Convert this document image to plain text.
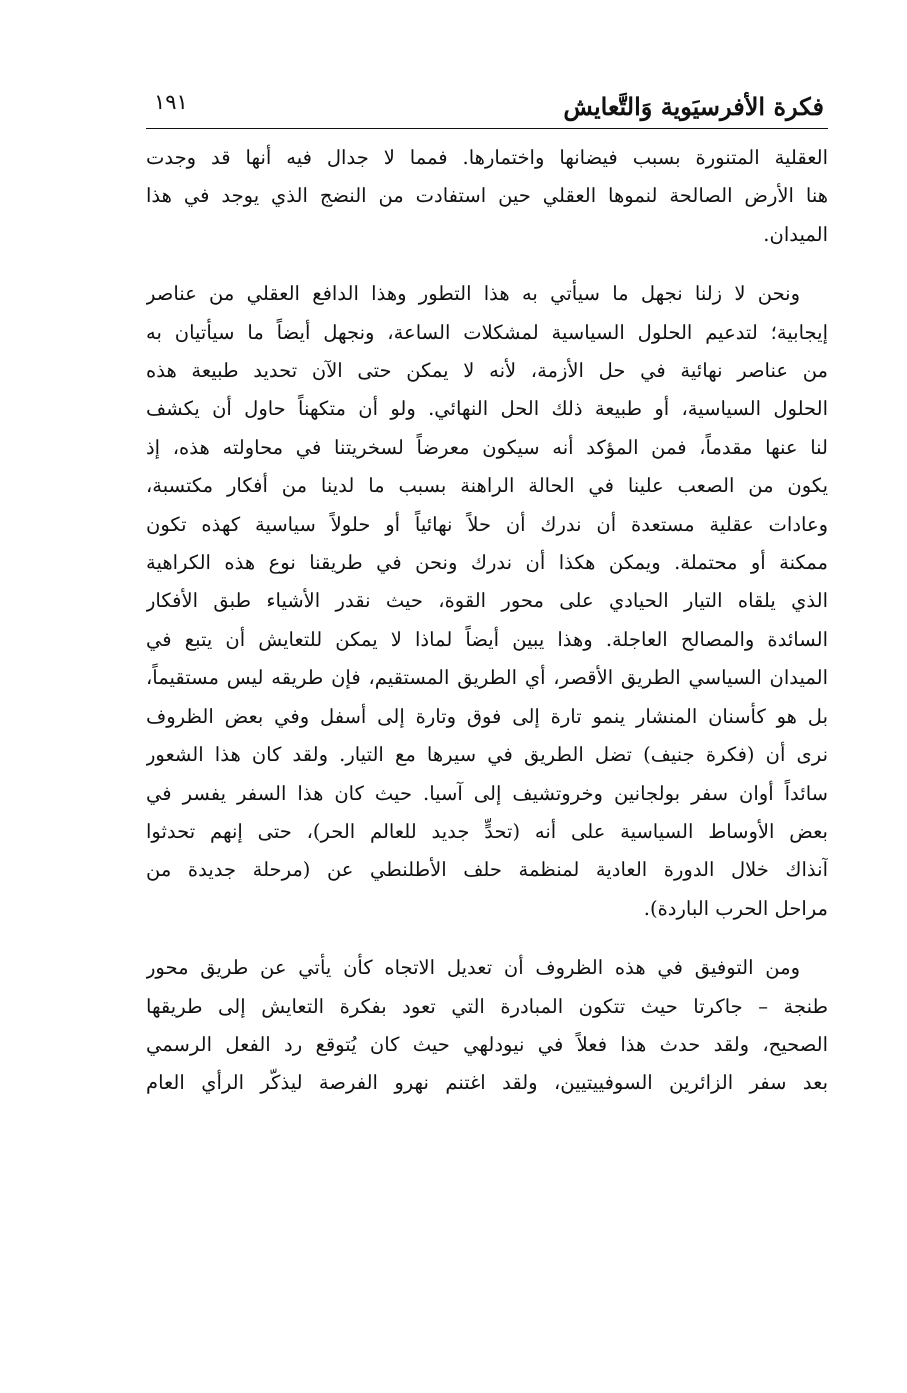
فكرة الأفرسيَوية وَالتَّعايش
١٩١
العقلية المتنورة بسبب فيضانها واختمارها. فمما لا جدال فيه أنها قد وجدت
هنا الأرض الصالحة لنموها العقلي حين استفادت من النضج الذي يوجد في هذا
الميدان.
ونحن لا زلنا نجهل ما سيأتي به هذا التطور وهذا الدافع العقلي من عناصر
إيجابية؛ لتدعيم الحلول السياسية لمشكلات الساعة، ونجهل أيضاً ما سيأتيان به
من عناصر نهائية في حل الأزمة، لأنه لا يمكن حتى الآن تحديد طبيعة هذه
الحلول السياسية، أو طبيعة ذلك الحل النهائي. ولو أن متكهناً حاول أن يكشف
لنا عنها مقدماً، فمن المؤكد أنه سيكون معرضاً لسخريتنا في محاولته هذه، إذ
يكون من الصعب علينا في الحالة الراهنة بسبب ما لدينا من أفكار مكتسبة،
وعادات عقلية مستعدة أن ندرك أن حلاً نهائياً أو حلولاً سياسية كهذه تكون
ممكنة أو محتملة. ويمكن هكذا أن ندرك ونحن في طريقنا نوع هذه الكراهية
الذي يلقاه التيار الحيادي على محور القوة، حيث نقدر الأشياء طبق الأفكار
السائدة والمصالح العاجلة. وهذا يبين أيضاً لماذا لا يمكن للتعايش أن يتبع في
الميدان السياسي الطريق الأقصر، أي الطريق المستقيم، فإن طريقه ليس مستقيماً،
بل هو كأسنان المنشار ينمو تارة إلى فوق وتارة إلى أسفل وفي بعض الظروف
نرى أن (فكرة جنيف) تضل الطريق في سيرها مع التيار. ولقد كان هذا الشعور
سائداً أوان سفر بولجانين وخروتشيف إلى آسيا. حيث كان هذا السفر يفسر في
بعض الأوساط السياسية على أنه (تحدٍّ جديد للعالم الحر)، حتى إنهم تحدثوا
آنذاك خلال الدورة العادية لمنظمة حلف الأطلنطي عن (مرحلة جديدة من
مراحل الحرب الباردة).
ومن التوفيق في هذه الظروف أن تعديل الاتجاه كأن يأتي عن طريق محور
طنجة – جاكرتا حيث تتكون المبادرة التي تعود بفكرة التعايش إلى طريقها
الصحيح، ولقد حدث هذا فعلاً في نيودلهي حيث كان يُتوقع رد الفعل الرسمي
بعد سفر الزائرين السوفييتيين، ولقد اغتنم نهرو الفرصة ليذكّر الرأي العام
